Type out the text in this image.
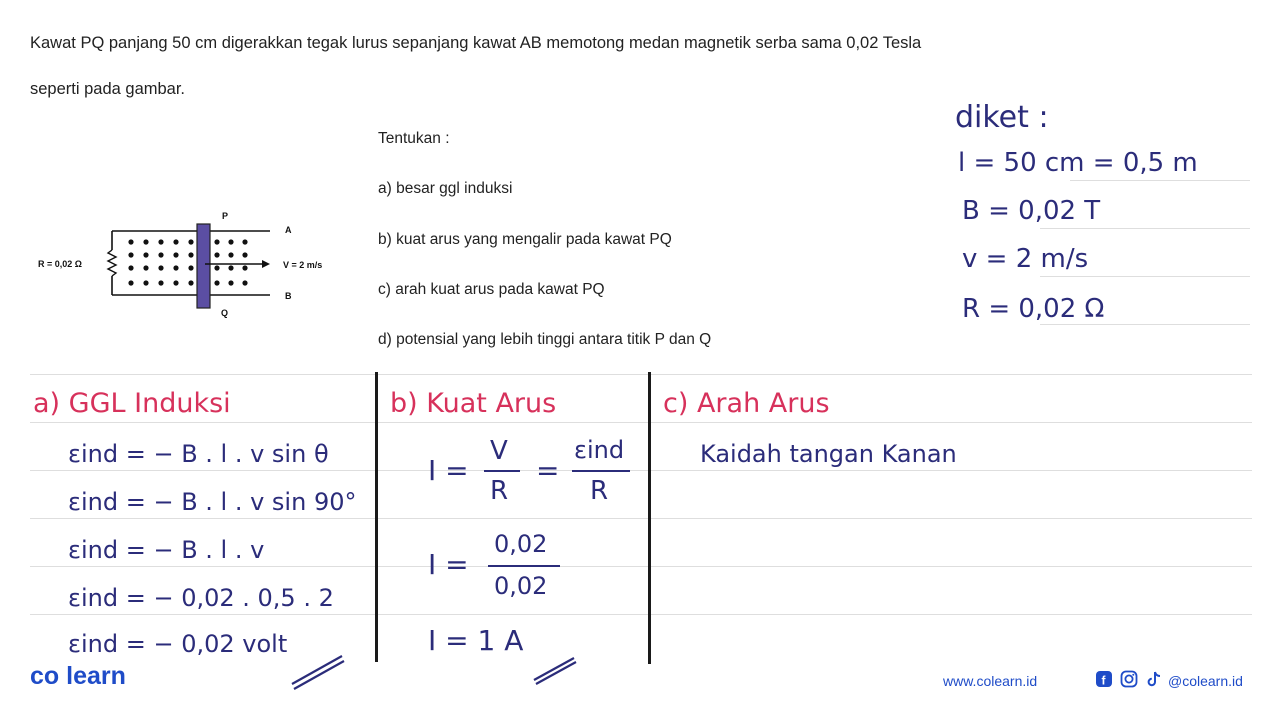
Kawat PQ panjang 50 cm digerakkan tegak lurus sepanjang kawat AB memotong medan magnetik serba sama 0,02 Tesla
seperti pada gambar.
R = 0,02 Ω
P
Q
A
B
V = 2 m/s
Tentukan :
a) besar ggl induksi
b) kuat arus yang mengalir pada kawat PQ
c) arah kuat arus pada kawat PQ
d) potensial yang lebih tinggi antara titik P dan Q
diket :
l = 50 cm = 0,5 m
B = 0,02 T
v = 2 m/s
R = 0,02 Ω
a) GGL Induksi
εind = − B . l . v sin θ
εind = − B . l . v sin 90°
εind = − B . l . v
εind = − 0,02 . 0,5 . 2
εind = − 0,02 volt
b) Kuat Arus
I =
V
R
=
εind
R
I =
0,02
0,02
I = 1 A
c) Arah Arus
Kaidah tangan Kanan
co learn	www.colearn.id	f	@colearn.id
